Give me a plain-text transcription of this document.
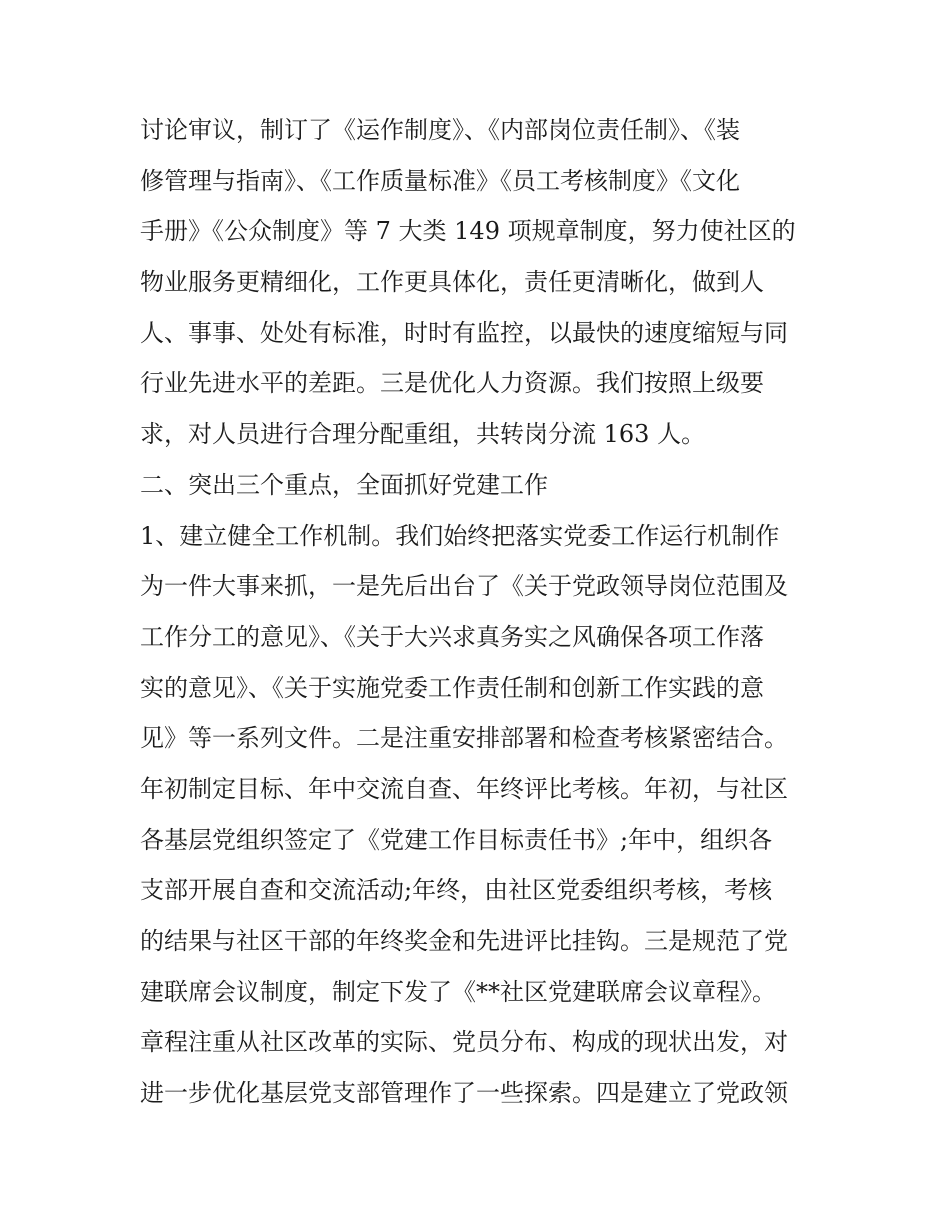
讨论审议，制订了《运作制度》、《内部岗位责任制》、《装
修管理与指南》、《工作质量标准》《员工考核制度》《文化
手册》《公众制度》等 7 大类 149 项规章制度，努力使社区的
物业服务更精细化，工作更具体化，责任更清晰化，做到人
人、事事、处处有标准，时时有监控，以最快的速度缩短与同
行业先进水平的差距。三是优化人力资源。我们按照上级要
求，对人员进行合理分配重组，共转岗分流 163 人。
二、突出三个重点，全面抓好党建工作
1、建立健全工作机制。我们始终把落实党委工作运行机制作
为一件大事来抓，一是先后出台了《关于党政领导岗位范围及
工作分工的意见》、《关于大兴求真务实之风确保各项工作落
实的意见》、《关于实施党委工作责任制和创新工作实践的意
见》等一系列文件。二是注重安排部署和检查考核紧密结合。
年初制定目标、年中交流自查、年终评比考核。年初，与社区
各基层党组织签定了《党建工作目标责任书》;年中，组织各
支部开展自查和交流活动;年终，由社区党委组织考核，考核
的结果与社区干部的年终奖金和先进评比挂钩。三是规范了党
建联席会议制度，制定下发了《**社区党建联席会议章程》。
章程注重从社区改革的实际、党员分布、构成的现状出发，对
进一步优化基层党支部管理作了一些探索。四是建立了党政领
